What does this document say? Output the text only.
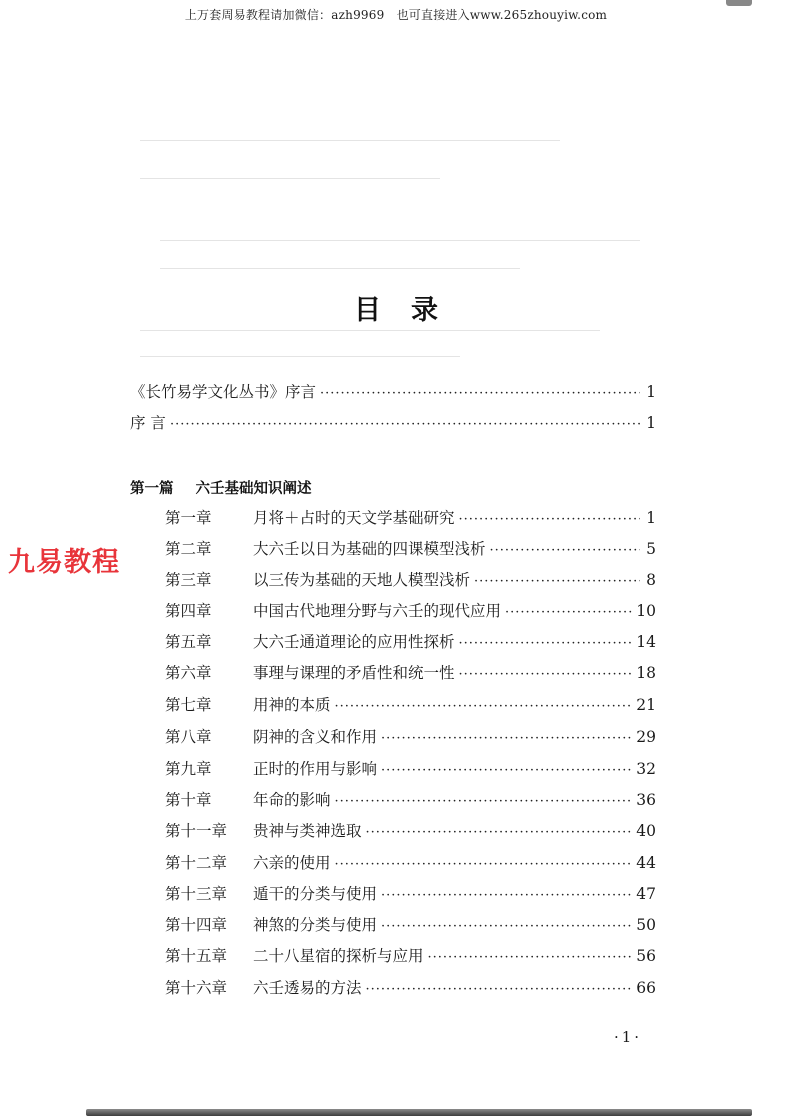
上万套周易教程请加微信：azh9969　也可直接进入www.265zhouyiw.com
目录
《长竹易学文化丛书》序言 ·····	1
序 言 ·····	1
第一篇 六壬基础知识阐述
九易教程
第一章	月将＋占时的天文学基础研究 ·····	1
第二章	大六壬以日为基础的四课模型浅析 ·····	5
第三章	以三传为基础的天地人模型浅析 ·····	8
第四章	中国古代地理分野与六壬的现代应用 ·····	10
第五章	大六壬通道理论的应用性探析 ·····	14
第六章	事理与课理的矛盾性和统一性 ·····	18
第七章	用神的本质 ·····	21
第八章	阴神的含义和作用 ·····	29
第九章	正时的作用与影响 ·····	32
第十章	年命的影响 ·····	36
第十一章	贵神与类神选取 ·····	40
第十二章	六亲的使用 ·····	44
第十三章	遁干的分类与使用 ·····	47
第十四章	神煞的分类与使用 ·····	50
第十五章	二十八星宿的探析与应用 ·····	56
第十六章	六壬透易的方法 ·····	66
·1·
